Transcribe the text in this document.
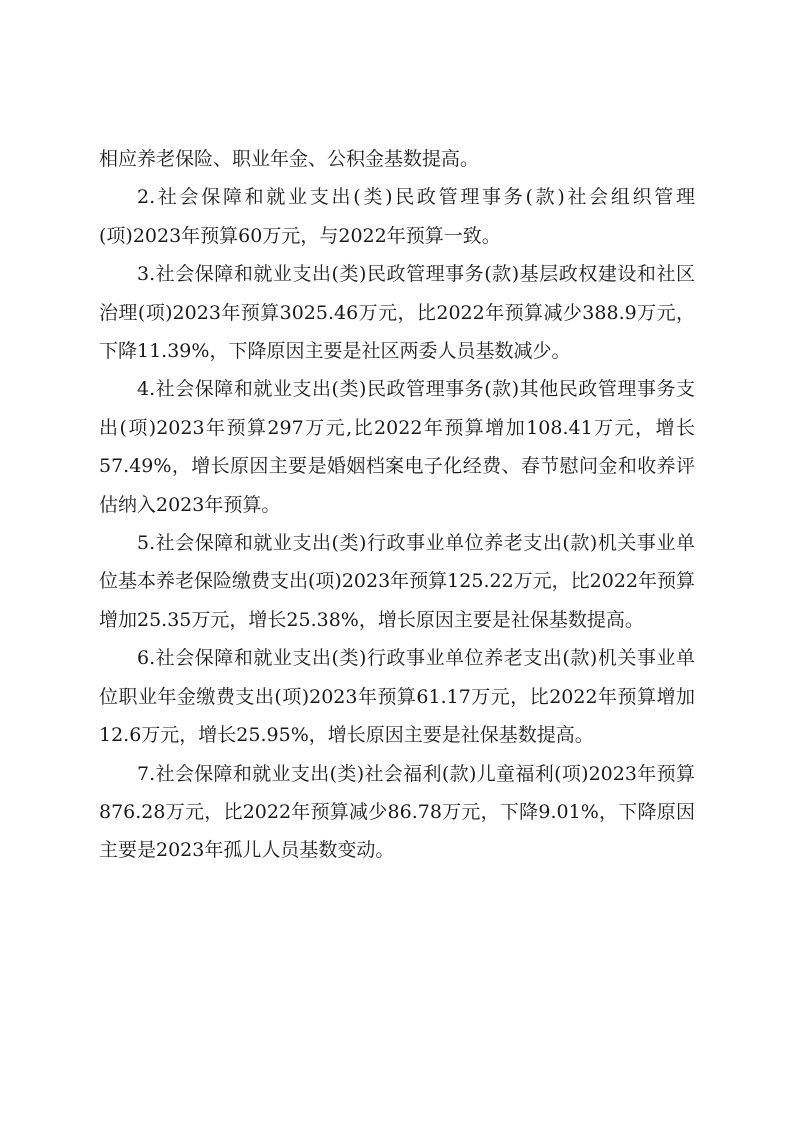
相应养老保险、职业年金、公积金基数提高。

2.社会保障和就业支出(类)民政管理事务(款)社会组织管理(项)2023年预算60万元，与2022年预算一致。

3.社会保障和就业支出(类)民政管理事务(款)基层政权建设和社区治理(项)2023年预算3025.46万元，比2022年预算减少388.9万元，下降11.39%，下降原因主要是社区两委人员基数减少。

4.社会保障和就业支出(类)民政管理事务(款)其他民政管理事务支出(项)2023年预算297万元,比2022年预算增加108.41万元，增长57.49%，增长原因主要是婚姻档案电子化经费、春节慰问金和收养评估纳入2023年预算。

5.社会保障和就业支出(类)行政事业单位养老支出(款)机关事业单位基本养老保险缴费支出(项)2023年预算125.22万元，比2022年预算增加25.35万元，增长25.38%，增长原因主要是社保基数提高。

6.社会保障和就业支出(类)行政事业单位养老支出(款)机关事业单位职业年金缴费支出(项)2023年预算61.17万元，比2022年预算增加12.6万元，增长25.95%，增长原因主要是社保基数提高。

7.社会保障和就业支出(类)社会福利(款)儿童福利(项)2023年预算876.28万元，比2022年预算减少86.78万元，下降9.01%，下降原因主要是2023年孤儿人员基数变动。
